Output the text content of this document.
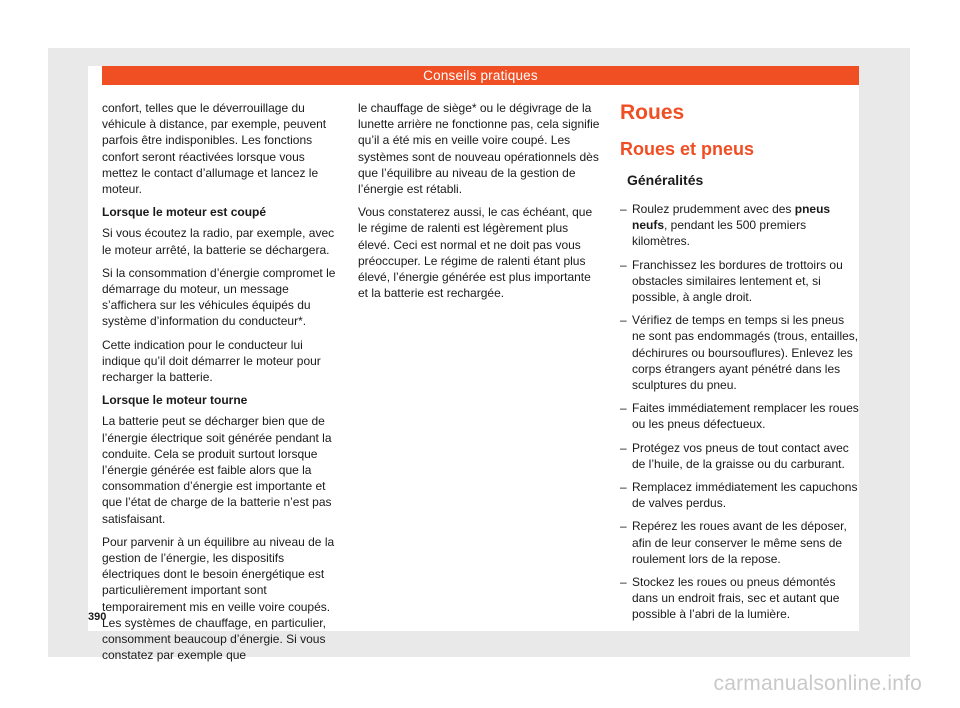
Conseils pratiques

confort, telles que le déverrouillage du véhicule à distance, par exemple, peuvent parfois être indisponibles. Les fonctions confort seront réactivées lorsque vous mettez le contact d’allumage et lancez le moteur.

Lorsque le moteur est coupé

Si vous écoutez la radio, par exemple, avec le moteur arrêté, la batterie se déchargera.

Si la consommation d’énergie compromet le démarrage du moteur, un message s’affichera sur les véhicules équipés du système d’information du conducteur*.

Cette indication pour le conducteur lui indique qu’il doit démarrer le moteur pour recharger la batterie.

Lorsque le moteur tourne

La batterie peut se décharger bien que de l’énergie électrique soit générée pendant la conduite. Cela se produit surtout lorsque l’énergie générée est faible alors que la consommation d’énergie est importante et que l’état de charge de la batterie n’est pas satisfaisant.

Pour parvenir à un équilibre au niveau de la gestion de l’énergie, les dispositifs électriques dont le besoin énergétique est particulièrement important sont temporairement mis en veille voire coupés. Les systèmes de chauffage, en particulier, consomment beaucoup d’énergie. Si vous constatez par exemple que

le chauffage de siège* ou le dégivrage de la lunette arrière ne fonctionne pas, cela signifie qu’il a été mis en veille voire coupé. Les systèmes sont de nouveau opérationnels dès que l’équilibre au niveau de la gestion de l’énergie est rétabli.

Vous constaterez aussi, le cas échéant, que le régime de ralenti est légèrement plus élevé. Ceci est normal et ne doit pas vous préoccuper. Le régime de ralenti étant plus élevé, l’énergie générée est plus importante et la batterie est rechargée.

Roues
Roues et pneus
Généralités
– Roulez prudemment avec des pneus neufs, pendant les 500 premiers kilomètres.
– Franchissez les bordures de trottoirs ou obstacles similaires lentement et, si possible, à angle droit.
– Vérifiez de temps en temps si les pneus ne sont pas endommagés (trous, entailles, déchirures ou boursouflures). Enlevez les corps étrangers ayant pénétré dans les sculptures du pneu.
– Faites immédiatement remplacer les roues ou les pneus défectueux.
– Protégez vos pneus de tout contact avec de l’huile, de la graisse ou du carburant.
– Remplacez immédiatement les capuchons de valves perdus.
– Repérez les roues avant de les déposer, afin de leur conserver le même sens de roulement lors de la repose.
– Stockez les roues ou pneus démontés dans un endroit frais, sec et autant que possible à l’abri de la lumière.
390
carmanualsonline.info
